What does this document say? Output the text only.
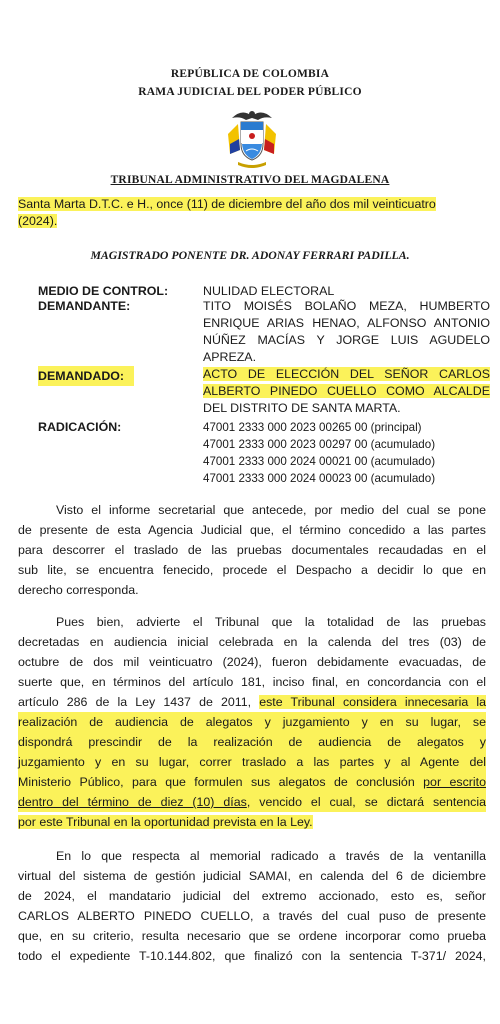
REPÚBLICA DE COLOMBIA
RAMA JUDICIAL DEL PODER PÚBLICO
TRIBUNAL ADMINISTRATIVO DEL MAGDALENA
Santa Marta D.T.C. e H., once (11) de diciembre del año dos mil veinticuatro
(2024).
MAGISTRADO PONENTE DR. ADONAY FERRARI PADILLA.
MEDIO DE CONTROL:	NULIDAD ELECTORAL
DEMANDANTE:	TITO MOISÉS BOLAÑO MEZA, HUMBERTO
ENRIQUE ARIAS HENAO, ALFONSO ANTONIO
NÚÑEZ MACÍAS Y JORGE LUIS AGUDELO
APREZA.
DEMANDADO:	ACTO DE ELECCIÓN DEL SEÑOR CARLOS
ALBERTO PINEDO CUELLO COMO ALCALDE
DEL DISTRITO DE SANTA MARTA.
RADICACIÓN:	47001 2333 000 2023 00265 00 (principal)
47001 2333 000 2023 00297 00 (acumulado)
47001 2333 000 2024 00021 00 (acumulado)
47001 2333 000 2024 00023 00 (acumulado)
Visto el informe secretarial que antecede, por medio del cual se pone
de presente de esta Agencia Judicial que, el término concedido a las partes
para descorrer el traslado de las pruebas documentales recaudadas en el
sub lite, se encuentra fenecido, procede el Despacho a decidir lo que en
derecho corresponda.
Pues bien, advierte el Tribunal que la totalidad de las pruebas
decretadas en audiencia inicial celebrada en la calenda del tres (03) de
octubre de dos mil veinticuatro (2024), fueron debidamente evacuadas, de
suerte que, en términos del artículo 181, inciso final, en concordancia con el
artículo 286 de la Ley 1437 de 2011, este Tribunal considera innecesaria la
realización de audiencia de alegatos y juzgamiento y en su lugar, se
dispondrá prescindir de la realización de audiencia de alegatos y
juzgamiento y en su lugar, correr traslado a las partes y al Agente del
Ministerio Público, para que formulen sus alegatos de conclusión por escrito
dentro del término de diez (10) días, vencido el cual, se dictará sentencia
por este Tribunal en la oportunidad prevista en la Ley.
En lo que respecta al memorial radicado a través de la ventanilla
virtual del sistema de gestión judicial SAMAI, en calenda del 6 de diciembre
de 2024, el mandatario judicial del extremo accionado, esto es, señor
CARLOS ALBERTO PINEDO CUELLO, a través del cual puso de presente
que, en su criterio, resulta necesario que se ordene incorporar como prueba
todo el expediente T-10.144.802, que finalizó con la sentencia T-371/ 2024,
